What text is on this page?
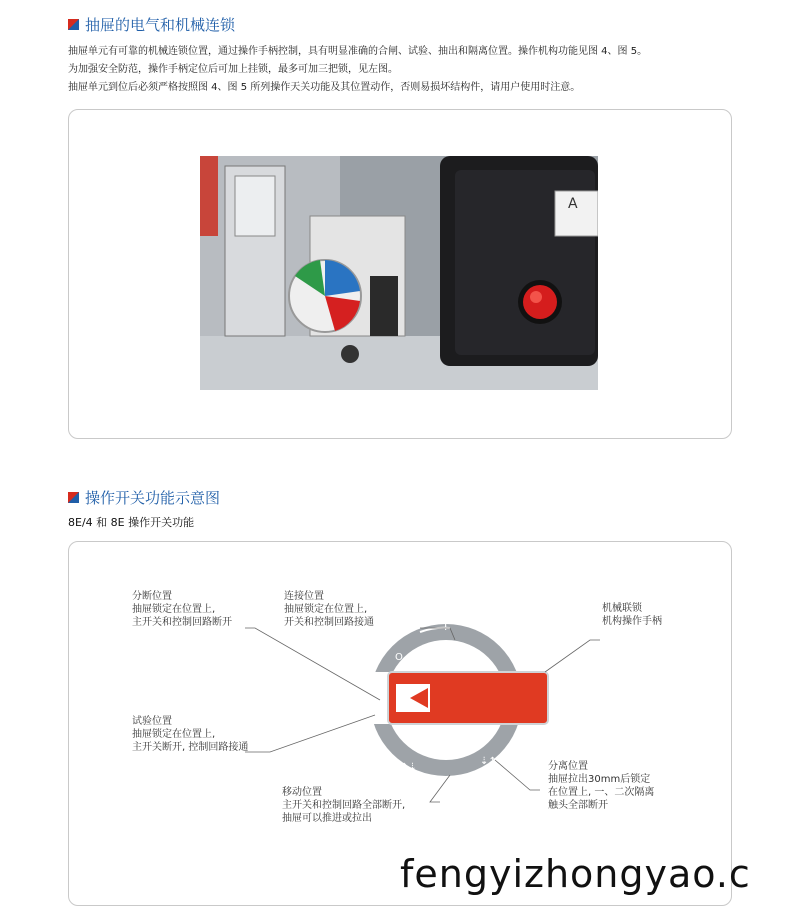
抽屉的电气和机械连锁
抽屉单元有可靠的机械连锁位置，通过操作手柄控制，具有明显准确的合闸、试验、抽出和隔离位置。操作机构功能见图 4、图 5。
为加强安全防范，操作手柄定位后可加上挂锁，最多可加三把锁，见左图。
抽屉单元到位后必须严格按照图 4、图 5 所列操作天关功能及其位置动作，否则易损坏结构件，请用户使用时注意。
A
操作开关功能示意图
8E/4 和 8E 操作开关功能
I
O
⇡⇣
⇣⇡
分断位置
抽屉锁定在位置上,
主开关和控制回路断开
连接位置
抽屉锁定在位置上,
开关和控制回路接通
机械联锁
机构操作手柄
试验位置
抽屉锁定在位置上,
主开关断开, 控制回路接通
移动位置
主开关和控制回路全部断开,
抽屉可以推进或拉出
分离位置
抽屉拉出30mm后锁定
在位置上, 一、二次隔离
触头全部断开
fengyizhongyao.c
